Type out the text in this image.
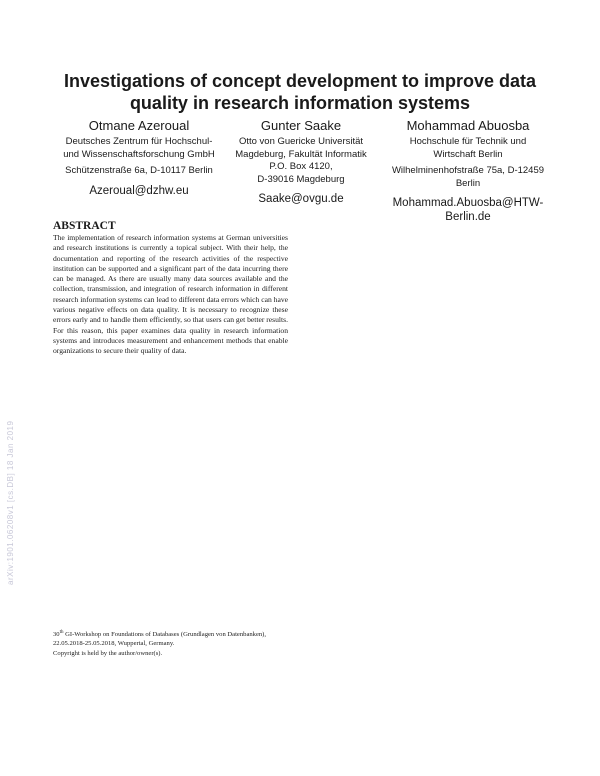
Investigations of concept development to improve data
quality in research information systems
Otmane Azeroual
Deutsches Zentrum für Hochschul-
und Wissenschaftsforschung GmbH
Schützenstraße 6a, D-10117 Berlin
Azeroual@dzhw.eu
Gunter Saake
Otto von Guericke Universität
Magdeburg, Fakultät Informatik
P.O. Box 4120,
D-39016 Magdeburg
Saake@ovgu.de
Mohammad Abuosba
Hochschule für Technik und
Wirtschaft Berlin
Wilhelminenhofstraße 75a, D-12459
Berlin
Mohammad.Abuosba@HTW-
Berlin.de
ABSTRACT

The implementation of research information systems at German universities and research institutions is currently a topical subject. With their help, the documentation and reporting of the research activities of the respective institution can be supported and a significant part of the data incurring there can be managed. As there are usually many data sources available and the collection, transmission, and integration of research information in different research information systems can lead to different data errors which can have various negative effects on data quality. It is necessary to recognize these errors early and to handle them efficiently, so that users can get better results. For this reason, this paper examines data quality in research information systems and introduces measurement and enhancement methods that enable organizations to secure their quality of data.

30th GI-Workshop on Foundations of Databases (Grundlagen von Datenbanken), 22.05.2018-25.05.2018, Wuppertal, Germany.
Copyright is held by the author/owner(s).
arXiv:1901.06208v1 [cs.DB] 18 Jan 2019
